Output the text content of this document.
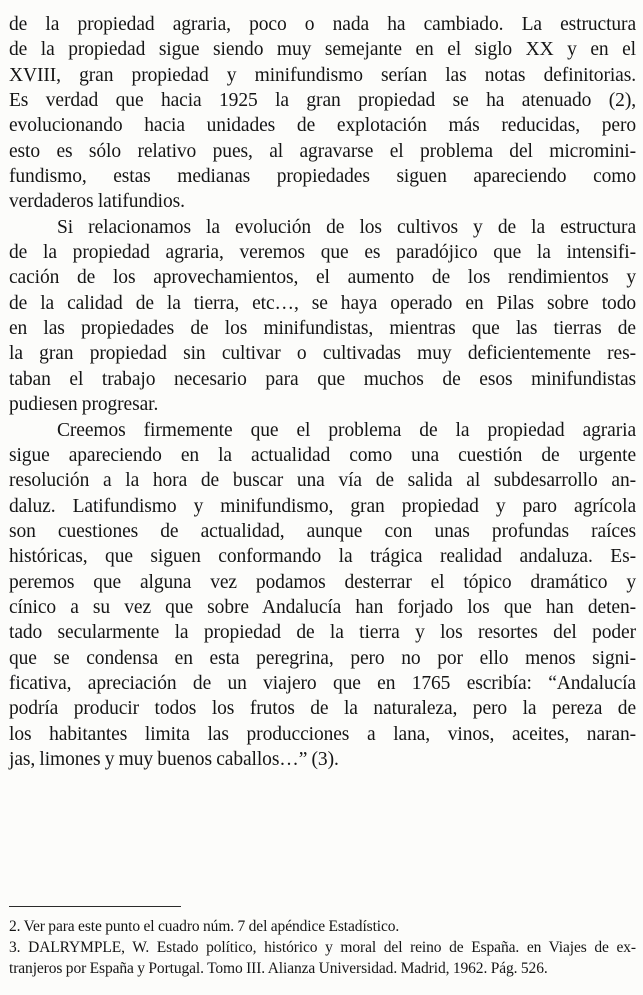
de la propiedad agraria, poco o nada ha cambiado. La estructura
de la propiedad sigue siendo muy semejante en el siglo XX y en el
XVIII, gran propiedad y minifundismo serían las notas definitorias.
Es verdad que hacia 1925 la gran propiedad se ha atenuado (2),
evolucionando hacia unidades de explotación más reducidas, pero
esto es sólo relativo pues, al agravarse el problema del micromini-
fundismo, estas medianas propiedades siguen apareciendo como
verdaderos latifundios.
Si relacionamos la evolución de los cultivos y de la estructura
de la propiedad agraria, veremos que es paradójico que la intensifi-
cación de los aprovechamientos, el aumento de los rendimientos y
de la calidad de la tierra, etc…, se haya operado en Pilas sobre todo
en las propiedades de los minifundistas, mientras que las tierras de
la gran propiedad sin cultivar o cultivadas muy deficientemente res-
taban el trabajo necesario para que muchos de esos minifundistas
pudiesen progresar.
Creemos firmemente que el problema de la propiedad agraria
sigue apareciendo en la actualidad como una cuestión de urgente
resolución a la hora de buscar una vía de salida al subdesarrollo an-
daluz. Latifundismo y minifundismo, gran propiedad y paro agrícola
son cuestiones de actualidad, aunque con unas profundas raíces
históricas, que siguen conformando la trágica realidad andaluza. Es-
peremos que alguna vez podamos desterrar el tópico dramático y
cínico a su vez que sobre Andalucía han forjado los que han deten-
tado secularmente la propiedad de la tierra y los resortes del poder
que se condensa en esta peregrina, pero no por ello menos signi-
ficativa, apreciación de un viajero que en 1765 escribía: “Andalucía
podría producir todos los frutos de la naturaleza, pero la pereza de
los habitantes limita las producciones a lana, vinos, aceites, naran-
jas, limones y muy buenos caballos…” (3).
2. Ver para este punto el cuadro núm. 7 del apéndice Estadístico.
3. DALRYMPLE, W. Estado político, histórico y moral del reino de España. en Viajes de ex-
tranjeros por España y Portugal. Tomo III. Alianza Universidad. Madrid, 1962. Pág. 526.
